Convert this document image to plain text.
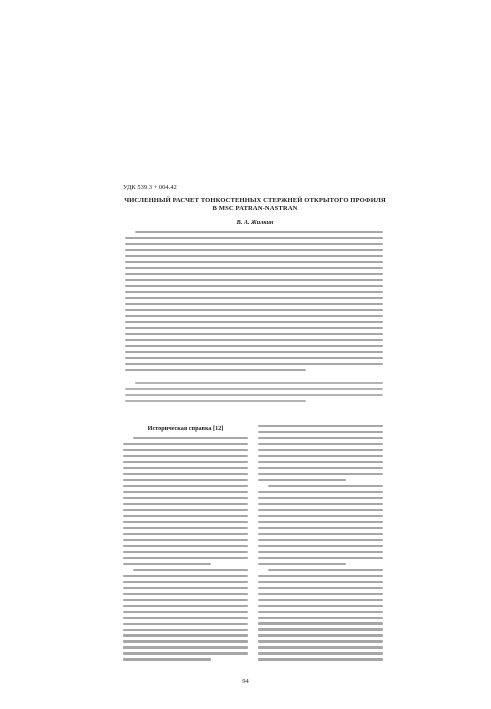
УДК 539.3 + 004.42
ЧИСЛЕННЫЙ РАСЧЕТ ТОНКОСТЕННЫХ СТЕРЖНЕЙ ОТКРЫТОГО ПРОФИЛЯ
В MSC PATRAN-NASTRAN
В. А. Жилкин
Историческая справка [12]
94
